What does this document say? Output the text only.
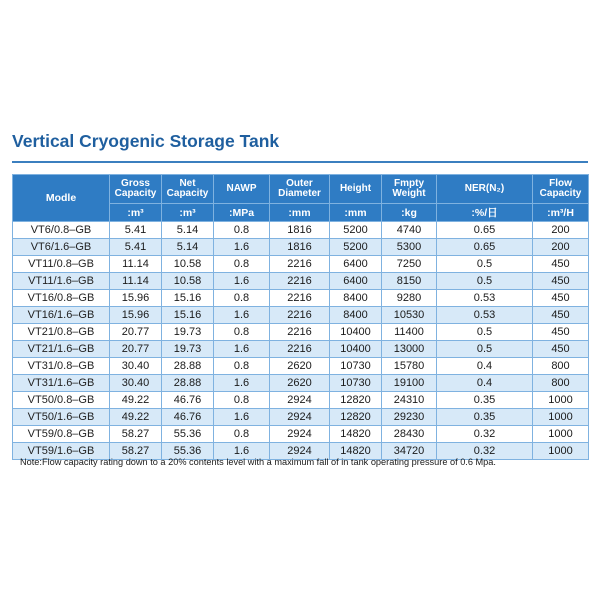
Vertical Cryogenic Storage Tank
Modle	Gross Capacity	Net Capacity	NAWP	Outer Diameter	Height	Fmpty Weight	NER(N₂)	Flow Capacity
	:m³	:m³	:MPa	:mm	:mm	:kg	:%/日	:m³/H
VT6/0.8–GB	5.41	5.14	0.8	1816	5200	4740	0.65	200
VT6/1.6–GB	5.41	5.14	1.6	1816	5200	5300	0.65	200
VT11/0.8–GB	11.14	10.58	0.8	2216	6400	7250	0.5	450
VT11/1.6–GB	11.14	10.58	1.6	2216	6400	8150	0.5	450
VT16/0.8–GB	15.96	15.16	0.8	2216	8400	9280	0.53	450
VT16/1.6–GB	15.96	15.16	1.6	2216	8400	10530	0.53	450
VT21/0.8–GB	20.77	19.73	0.8	2216	10400	11400	0.5	450
VT21/1.6–GB	20.77	19.73	1.6	2216	10400	13000	0.5	450
VT31/0.8–GB	30.40	28.88	0.8	2620	10730	15780	0.4	800
VT31/1.6–GB	30.40	28.88	1.6	2620	10730	19100	0.4	800
VT50/0.8–GB	49.22	46.76	0.8	2924	12820	24310	0.35	1000
VT50/1.6–GB	49.22	46.76	1.6	2924	12820	29230	0.35	1000
VT59/0.8–GB	58.27	55.36	0.8	2924	14820	28430	0.32	1000
VT59/1.6–GB	58.27	55.36	1.6	2924	14820	34720	0.32	1000
Note:Flow capacity rating down to a 20% contents level with a maximum fall of in tank operating pressure of 0.6 Mpa.
